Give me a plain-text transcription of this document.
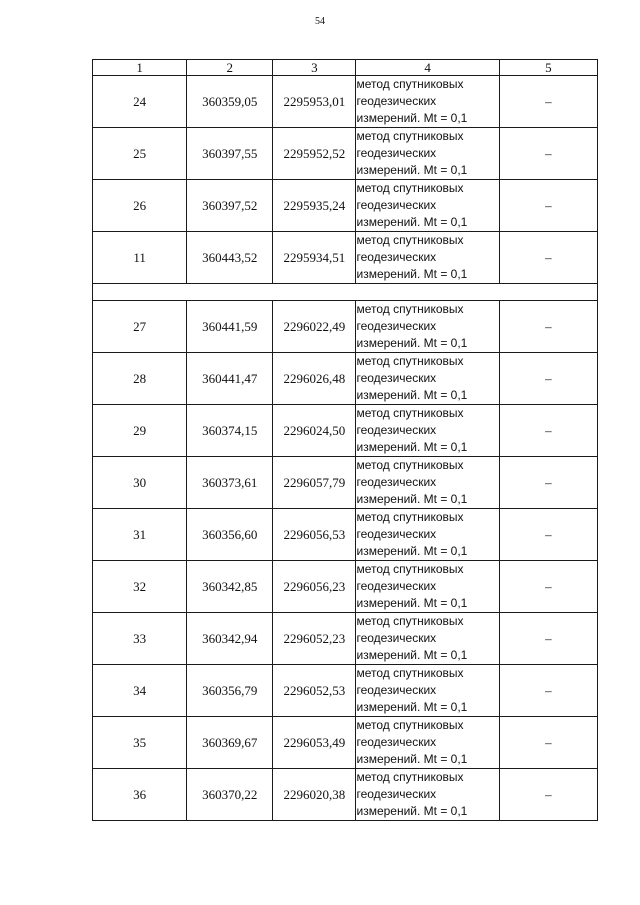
54
1	2	3	4	5
24	360359,05	2295953,01	метод спутниковых
геодезических
измерений. Mt = 0,1	–
25	360397,55	2295952,52	метод спутниковых
геодезических
измерений. Mt = 0,1	–
26	360397,52	2295935,24	метод спутниковых
геодезических
измерений. Mt = 0,1	–
11	360443,52	2295934,51	метод спутниковых
геодезических
измерений. Mt = 0,1	–

27	360441,59	2296022,49	метод спутниковых
геодезических
измерений. Mt = 0,1	–
28	360441,47	2296026,48	метод спутниковых
геодезических
измерений. Mt = 0,1	–
29	360374,15	2296024,50	метод спутниковых
геодезических
измерений. Mt = 0,1	–
30	360373,61	2296057,79	метод спутниковых
геодезических
измерений. Mt = 0,1	–
31	360356,60	2296056,53	метод спутниковых
геодезических
измерений. Mt = 0,1	–
32	360342,85	2296056,23	метод спутниковых
геодезических
измерений. Mt = 0,1	–
33	360342,94	2296052,23	метод спутниковых
геодезических
измерений. Mt = 0,1	–
34	360356,79	2296052,53	метод спутниковых
геодезических
измерений. Mt = 0,1	–
35	360369,67	2296053,49	метод спутниковых
геодезических
измерений. Mt = 0,1	–
36	360370,22	2296020,38	метод спутниковых
геодезических
измерений. Mt = 0,1	–
